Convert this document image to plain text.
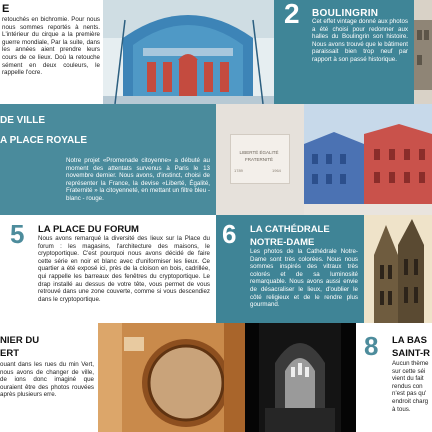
E
retouchés en bichromie. Pour nous nous sommes reportés à nents. L'intérieur du cirque a la première guerre mondiale, Par la suite, dans les années aient prendre leurs cours de ce lieux. Doù la retouche sément en deux couleurs, le rappelle l'ocre.
2 BOULINGRIN
Cet effet vintage donné aux photos a été choisi pour redonner aux halles du Boulingrin son histoire. Nous avons trouvé que le bâtiment paraissait bien trop neuf par rapport à son passé historique.
DE VILLE
A PLACE ROYALE
Notre projet «Promenade citoyenne» a débuté au moment des attentats survenus à Paris le 13 novembre dernier. Nous avons, d'instinct, choisi de représenter la France, la devise «Liberté, Égalité, Fraternité » la citoyenneté, en mettant un filtre bleu - blanc - rouge.
LIBERTÉ ÉGALITÉ
FRATERNITÉ
1789	1964
5 LA PLACE DU FORUM
Nous avons remarqué la diversité des lieux sur la Place du forum : les magasins, l'architecture des maisons, le cryptoportique. C'est pourquoi nous avons décidé de faire cette série en noir et blanc avec d'uniformiser les lieux. Ce quartier a été exposé ici, près de la cloison en bois, cadrillée, qui rappelle les barreaux des fenêtres du cryptoportique. Le drap installé au dessus de votre tête, vous permet de vous retrouvé dans une zone couverte, comme si vous descendiez dans le cryptoportique.
6 LA CATHÉDRALE
NOTRE-DAME
Les photos de la Cathédrale Notre-Dame sont très colorées. Nous nous sommes inspirés des vitraux très colorés et de sa luminosité remarquable. Nous avons aussi envie de désacraliser le lieux, d'oublier le côté religieux et de le rendre plus gourmand.
NIER DU
ERT
ouant dans les rues du min Vert, nous avons de changer de ville, de ions donc imaginé que ouraient être des photos rouvées après plusieurs erre.
8 LA BAS
SAINT-R
Aucun thème sur cette séi vient du fait rendus con n'est pas qu' endroit charg à tous.
